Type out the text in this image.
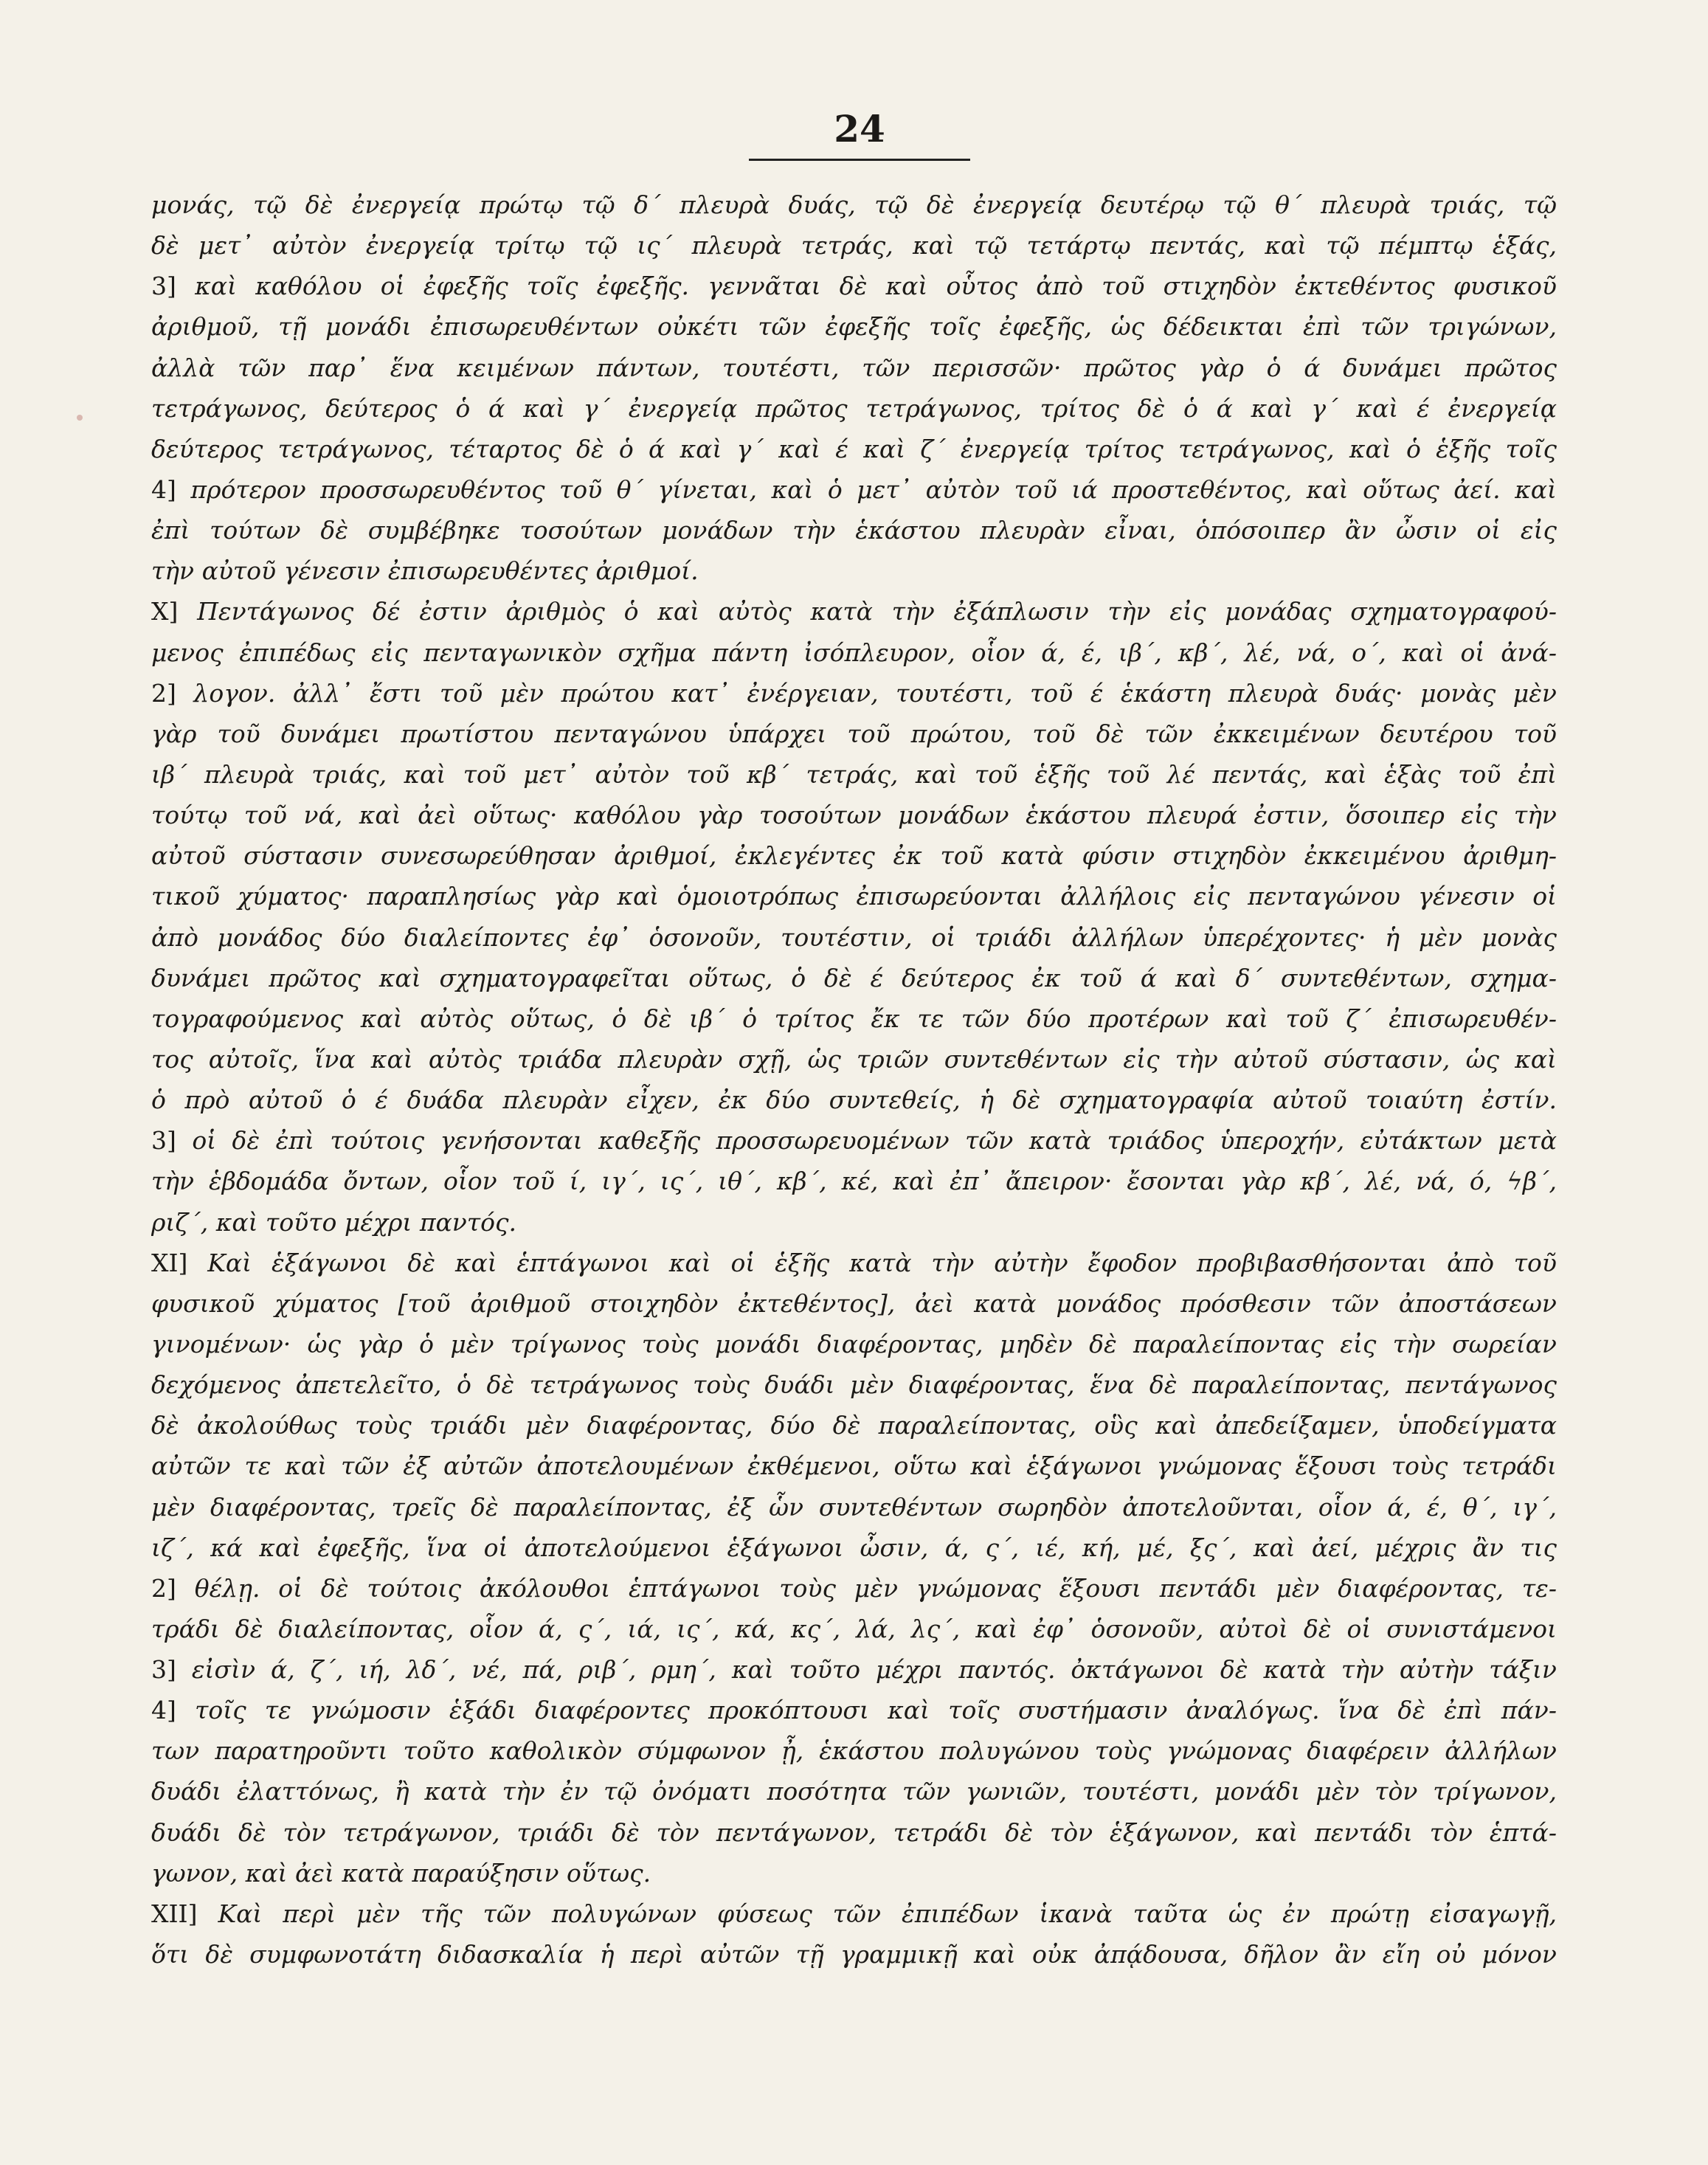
24
μονάς, τῷ δὲ ἐνεργείᾳ πρώτῳ τῷ δ΄ πλευρὰ δυάς, τῷ δὲ ἐνεργείᾳ δευτέρῳ τῷ θ΄ πλευρὰ τριάς, τῷ
δὲ μετ᾽ αὐτὸν ἐνεργείᾳ τρίτῳ τῷ ις΄ πλευρὰ τετράς, καὶ τῷ τετάρτῳ πεντάς, καὶ τῷ πέμπτῳ ἑξάς,
3] καὶ καθόλου οἱ ἐφεξῆς τοῖς ἐφεξῆς. γεννᾶται δὲ καὶ οὗτος ἀπὸ τοῦ στιχηδὸν ἐκτεθέντος φυσικοῦ
ἀριθμοῦ, τῇ μονάδι ἐπισωρευθέντων οὐκέτι τῶν ἐφεξῆς τοῖς ἐφεξῆς, ὡς δέδεικται ἐπὶ τῶν τριγώνων,
ἀλλὰ τῶν παρ᾽ ἕνα κειμένων πάντων, τουτέστι, τῶν περισσῶν· πρῶτος γὰρ ὁ ά δυνάμει πρῶτος
τετράγωνος, δεύτερος ὁ ά καὶ γ΄ ἐνεργείᾳ πρῶτος τετράγωνος, τρίτος δὲ ὁ ά καὶ γ΄ καὶ έ ἐνεργείᾳ
δεύτερος τετράγωνος, τέταρτος δὲ ὁ ά καὶ γ΄ καὶ έ καὶ ζ΄ ἐνεργείᾳ τρίτος τετράγωνος, καὶ ὁ ἑξῆς τοῖς
4] πρότερον προσσωρευθέντος τοῦ θ΄ γίνεται, καὶ ὁ μετ᾽ αὐτὸν τοῦ ιά προστεθέντος, καὶ οὕτως ἀεί. καὶ
ἐπὶ τούτων δὲ συμβέβηκε τοσούτων μονάδων τὴν ἑκάστου πλευρὰν εἶναι, ὁπόσοιπερ ἂν ὦσιν οἱ εἰς
τὴν αὐτοῦ γένεσιν ἐπισωρευθέντες ἀριθμοί.
X] Πεντάγωνος δέ ἐστιν ἀριθμὸς ὁ καὶ αὐτὸς κατὰ τὴν ἐξάπλωσιν τὴν εἰς μονάδας σχηματογραφού-
μενος ἐπιπέδως εἰς πενταγωνικὸν σχῆμα πάντη ἰσόπλευρον, οἷον ά, έ, ιβ΄, κβ΄, λέ, νά, ο΄, καὶ οἱ ἀνά-
2] λογον. ἀλλ᾽ ἔστι τοῦ μὲν πρώτου κατ᾽ ἐνέργειαν, τουτέστι, τοῦ έ ἑκάστη πλευρὰ δυάς· μονὰς μὲν
γὰρ τοῦ δυνάμει πρωτίστου πενταγώνου ὑπάρχει τοῦ πρώτου, τοῦ δὲ τῶν ἐκκειμένων δευτέρου τοῦ
ιβ΄ πλευρὰ τριάς, καὶ τοῦ μετ᾽ αὐτὸν τοῦ κβ΄ τετράς, καὶ τοῦ ἑξῆς τοῦ λέ πεντάς, καὶ ἑξὰς τοῦ ἐπὶ
τούτῳ τοῦ νά, καὶ ἀεὶ οὕτως· καθόλου γὰρ τοσούτων μονάδων ἑκάστου πλευρά ἐστιν, ὅσοιπερ εἰς τὴν
αὐτοῦ σύστασιν συνεσωρεύθησαν ἀριθμοί, ἐκλεγέντες ἐκ τοῦ κατὰ φύσιν στιχηδὸν ἐκκειμένου ἀριθμη-
τικοῦ χύματος· παραπλησίως γὰρ καὶ ὁμοιοτρόπως ἐπισωρεύονται ἀλλήλοις εἰς πενταγώνου γένεσιν οἱ
ἀπὸ μονάδος δύο διαλείποντες ἐφ᾽ ὁσονοῦν, τουτέστιν, οἱ τριάδι ἀλλήλων ὑπερέχοντες· ἡ μὲν μονὰς
δυνάμει πρῶτος καὶ σχηματογραφεῖται οὕτως, ὁ δὲ έ δεύτερος ἐκ τοῦ ά καὶ δ΄ συντεθέντων, σχημα-
τογραφούμενος καὶ αὐτὸς οὕτως, ὁ δὲ ιβ΄ ὁ τρίτος ἔκ τε τῶν δύο προτέρων καὶ τοῦ ζ΄ ἐπισωρευθέν-
τος αὐτοῖς, ἵνα καὶ αὐτὸς τριάδα πλευρὰν σχῇ, ὡς τριῶν συντεθέντων εἰς τὴν αὐτοῦ σύστασιν, ὡς καὶ
ὁ πρὸ αὐτοῦ ὁ έ δυάδα πλευρὰν εἶχεν, ἐκ δύο συντεθείς, ἡ δὲ σχηματογραφία αὐτοῦ τοιαύτη ἐστίν.
3] οἱ δὲ ἐπὶ τούτοις γενήσονται καθεξῆς προσσωρευομένων τῶν κατὰ τριάδος ὑπεροχήν, εὐτάκτων μετὰ
τὴν ἑβδομάδα ὄντων, οἷον τοῦ ί, ιγ΄, ις΄, ιθ΄, κβ΄, κέ, καὶ ἐπ᾽ ἄπειρον· ἔσονται γὰρ κβ΄, λέ, νά, ό, ϟβ΄,
ριζ΄, καὶ τοῦτο μέχρι παντός.
XI] Καὶ ἑξάγωνοι δὲ καὶ ἑπτάγωνοι καὶ οἱ ἑξῆς κατὰ τὴν αὐτὴν ἔφοδον προβιβασθήσονται ἀπὸ τοῦ
φυσικοῦ χύματος [τοῦ ἀριθμοῦ στοιχηδὸν ἐκτεθέντος], ἀεὶ κατὰ μονάδος πρόσθεσιν τῶν ἀποστάσεων
γινομένων· ὡς γὰρ ὁ μὲν τρίγωνος τοὺς μονάδι διαφέροντας, μηδὲν δὲ παραλείποντας εἰς τὴν σωρείαν
δεχόμενος ἀπετελεῖτο, ὁ δὲ τετράγωνος τοὺς δυάδι μὲν διαφέροντας, ἕνα δὲ παραλείποντας, πεντάγωνος
δὲ ἀκολούθως τοὺς τριάδι μὲν διαφέροντας, δύο δὲ παραλείποντας, οὓς καὶ ἀπεδείξαμεν, ὑποδείγματα
αὐτῶν τε καὶ τῶν ἐξ αὐτῶν ἀποτελουμένων ἐκθέμενοι, οὕτω καὶ ἑξάγωνοι γνώμονας ἕξουσι τοὺς τετράδι
μὲν διαφέροντας, τρεῖς δὲ παραλείποντας, ἐξ ὧν συντεθέντων σωρηδὸν ἀποτελοῦνται, οἷον ά, έ, θ΄, ιγ΄,
ιζ΄, κά καὶ ἐφεξῆς, ἵνα οἱ ἀποτελούμενοι ἑξάγωνοι ὦσιν, ά, ς΄, ιέ, κή, μέ, ξς΄, καὶ ἀεί, μέχρις ἂν τις
2] θέλῃ. οἱ δὲ τούτοις ἀκόλουθοι ἑπτάγωνοι τοὺς μὲν γνώμονας ἕξουσι πεντάδι μὲν διαφέροντας, τε-
τράδι δὲ διαλείποντας, οἷον ά, ς΄, ιά, ις΄, κά, κς΄, λά, λς΄, καὶ ἐφ᾽ ὁσονοῦν, αὐτοὶ δὲ οἱ συνιστάμενοι
3] εἰσὶν ά, ζ΄, ιή, λδ΄, νέ, πά, ριβ΄, ρμη΄, καὶ τοῦτο μέχρι παντός. ὀκτάγωνοι δὲ κατὰ τὴν αὐτὴν τάξιν
4] τοῖς τε γνώμοσιν ἑξάδι διαφέροντες προκόπτουσι καὶ τοῖς συστήμασιν ἀναλόγως. ἵνα δὲ ἐπὶ πάν-
των παρατηροῦντι τοῦτο καθολικὸν σύμφωνον ᾖ, ἑκάστου πολυγώνου τοὺς γνώμονας διαφέρειν ἀλλήλων
δυάδι ἐλαττόνως, ἢ κατὰ τὴν ἐν τῷ ὀνόματι ποσότητα τῶν γωνιῶν, τουτέστι, μονάδι μὲν τὸν τρίγωνον,
δυάδι δὲ τὸν τετράγωνον, τριάδι δὲ τὸν πεντάγωνον, τετράδι δὲ τὸν ἑξάγωνον, καὶ πεντάδι τὸν ἑπτά-
γωνον, καὶ ἀεὶ κατὰ παραύξησιν οὕτως.
XII] Καὶ περὶ μὲν τῆς τῶν πολυγώνων φύσεως τῶν ἐπιπέδων ἱκανὰ ταῦτα ὡς ἐν πρώτῃ εἰσαγωγῇ,
ὅτι δὲ συμφωνοτάτη διδασκαλία ἡ περὶ αὐτῶν τῇ γραμμικῇ καὶ οὐκ ἀπᾴδουσα, δῆλον ἂν εἴη οὐ μόνον
